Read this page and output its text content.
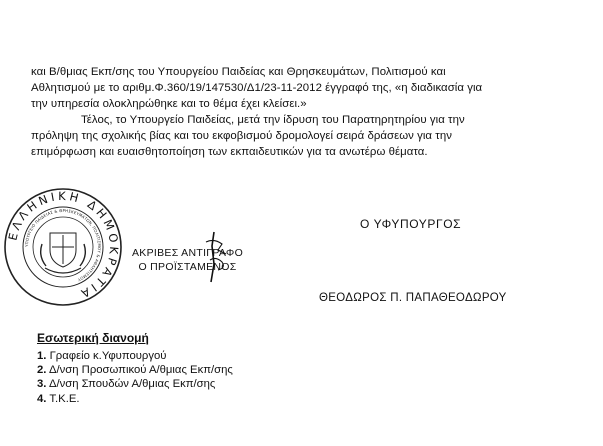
και Β/θμιας Εκπ/σης του Υπουργείου Παιδείας και Θρησκευμάτων, Πολιτισμού και
Αθλητισμού με το αριθμ.Φ.360/19/147530/Δ1/23-11-2012 έγγραφό της, «η διαδικασία για
την υπηρεσία ολοκληρώθηκε και το θέμα έχει κλείσει.»
Τέλος, το Υπουργείο Παιδείας, μετά την ίδρυση του Παρατηρητηρίου για την
πρόληψη της σχολικής βίας και του εκφοβισμού δρομολογεί σειρά δράσεων για την
επιμόρφωση και ευαισθητοποίηση των εκπαιδευτικών για τα ανωτέρω θέματα.
ΕΛΛΗΝΙΚΗ ΔΗΜΟΚΡΑΤΙΑ
ΥΠΟΥΡΓΕΙΟ ΠΑΙΔΕΙΑΣ & ΘΡΗΣΚΕΥΜΑΤΩΝ, ΠΟΛΙΤΙΣΜΟΥ & ΑΘΛΗΤΙΣΜΟΥ
ΑΚΡΙΒΕΣ ΑΝΤΙΓΡΑΦΟ
Ο ΠΡΟΪΣΤΑΜΕΝΟΣ
Ο ΥΦΥΠΟΥΡΓΟΣ
ΘΕΟΔΩΡΟΣ Π. ΠΑΠΑΘΕΟΔΩΡΟΥ
Εσωτερική διανομή
1. Γραφείο κ.Υφυπουργού
2. Δ/νση Προσωπικού Α/θμιας Εκπ/σης
3. Δ/νση Σπουδών Α/θμιας Εκπ/σης
4. Τ.Κ.Ε.
